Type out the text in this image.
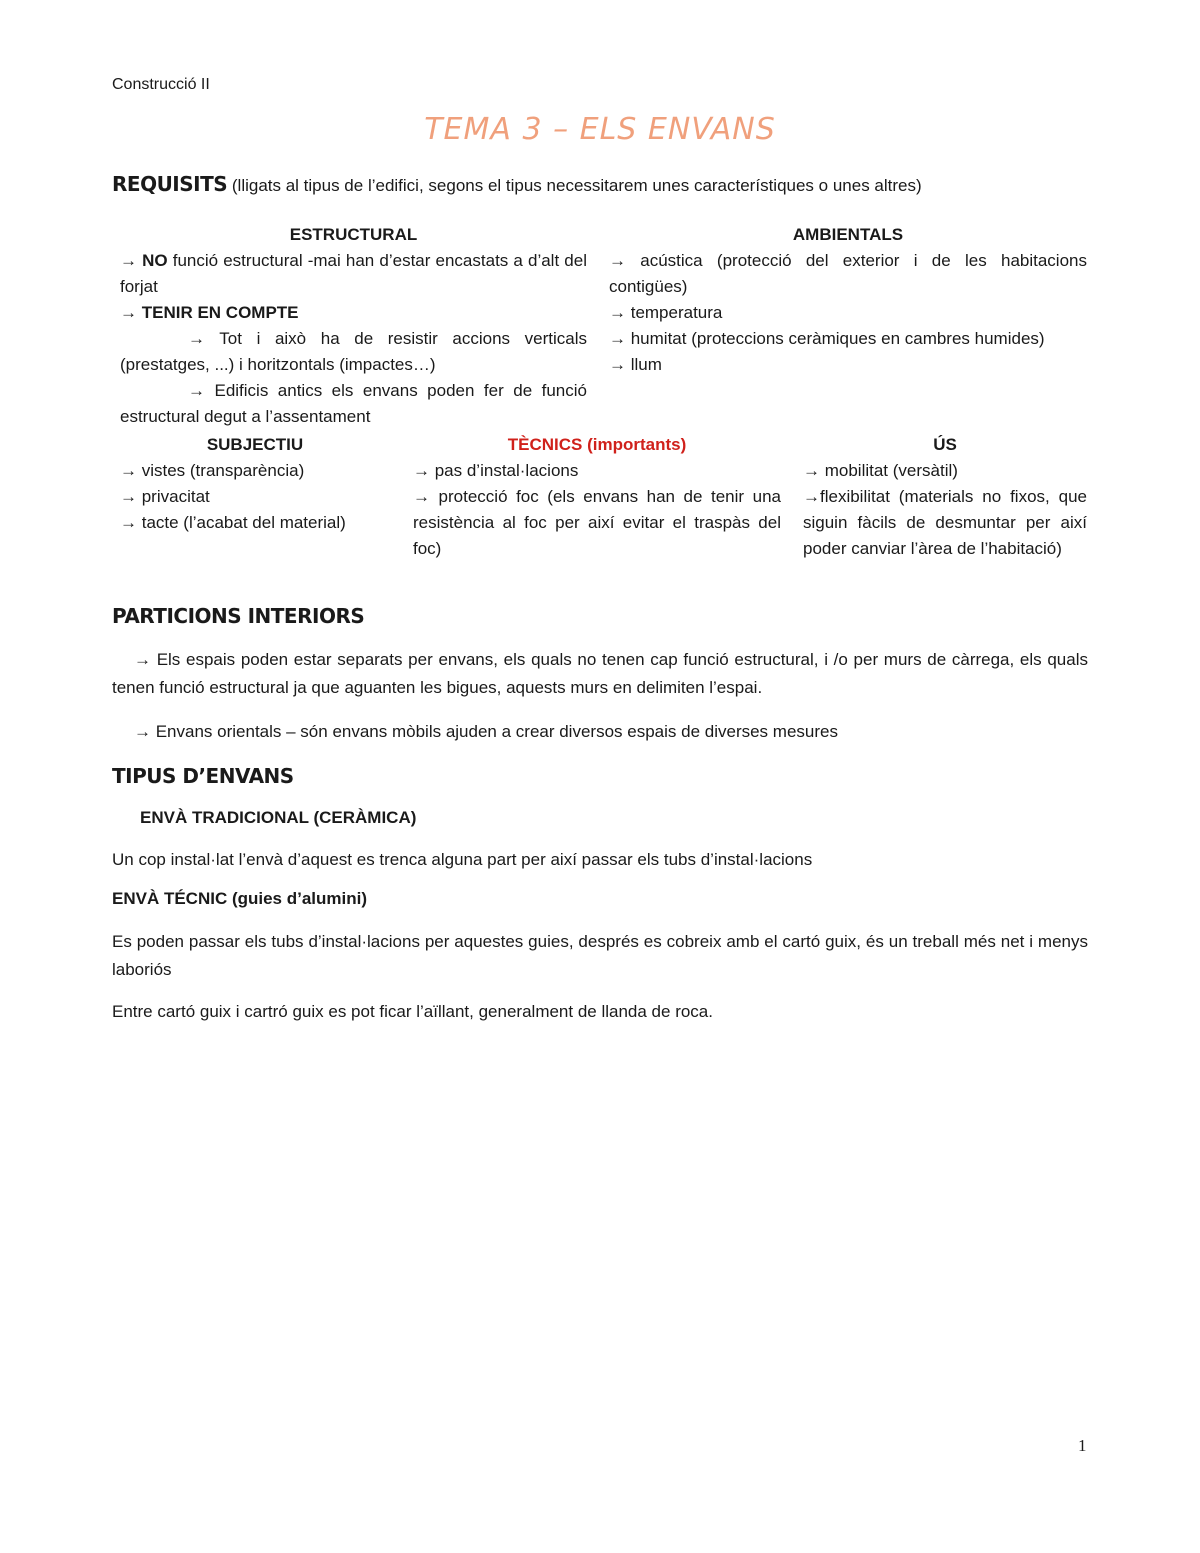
Construcció II
TEMA 3 – ELS ENVANS
REQUISITS (lligats al tipus de l’edifici, segons el tipus necessitarem unes característiques o unes altres)
ESTRUCTURAL
→ NO funció estructural -mai han d’estar encastats a d’alt del forjat
→ TENIR EN COMPTE
→ Tot i això ha de resistir accions verticals (prestatges, ...) i horitzontals (impactes…)
→ Edificis antics els envans poden fer de funció estructural degut a l’assentament
AMBIENTALS
→ acústica (protecció del exterior i de les habitacions contigües)
→ temperatura
→ humitat (proteccions ceràmiques en cambres humides)
→ llum
SUBJECTIU
→ vistes (transparència)
→ privacitat
→ tacte (l’acabat del material)
TÈCNICS (importants)
→ pas d’instal·lacions
→ protecció foc (els envans han de tenir una resistència al foc per així evitar el traspàs del foc)
ÚS
→ mobilitat (versàtil)
→flexibilitat (materials no fixos, que siguin fàcils de desmuntar per així poder canviar l’àrea de l’habitació)
PARTICIONS INTERIORS
→ Els espais poden estar separats per envans, els quals no tenen cap funció estructural, i /o per murs de càrrega, els quals tenen funció estructural ja que aguanten les bigues, aquests murs en delimiten l’espai.
→ Envans orientals – són envans mòbils ajuden a crear diversos espais de diverses mesures
TIPUS D’ENVANS
ENVÀ TRADICIONAL (CERÀMICA)
Un cop instal·lat l’envà d’aquest es trenca alguna part per així passar els tubs d’instal·lacions
ENVÀ TÉCNIC (guies d’alumini)
Es poden passar els tubs d’instal·lacions per aquestes guies, després es cobreix amb el cartó guix, és un treball més net i menys laboriós
Entre cartó guix i cartró guix es pot ficar l’aïllant, generalment de llanda de roca.
1
